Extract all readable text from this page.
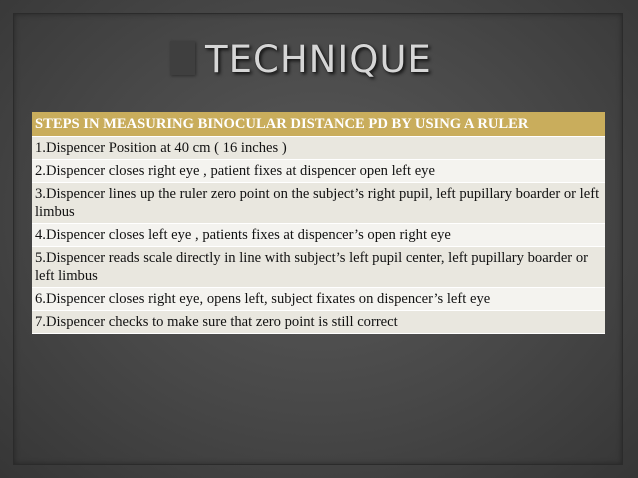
TECHNIQUE
STEPS IN MEASURING BINOCULAR DISTANCE PD BY USING A RULER
1.Dispencer Position at 40 cm ( 16 inches )
2.Dispencer closes right eye , patient fixes at dispencer open left eye
3.Dispencer lines up the ruler zero point on the subject’s right pupil, left pupillary boarder or left limbus
4.Dispencer closes left eye , patients fixes at dispencer’s open right eye
5.Dispencer reads scale directly in line with subject’s left pupil center, left pupillary boarder or left limbus
6.Dispencer closes right eye, opens left, subject fixates on dispencer’s left eye
7.Dispencer checks to make sure that zero point is still correct
